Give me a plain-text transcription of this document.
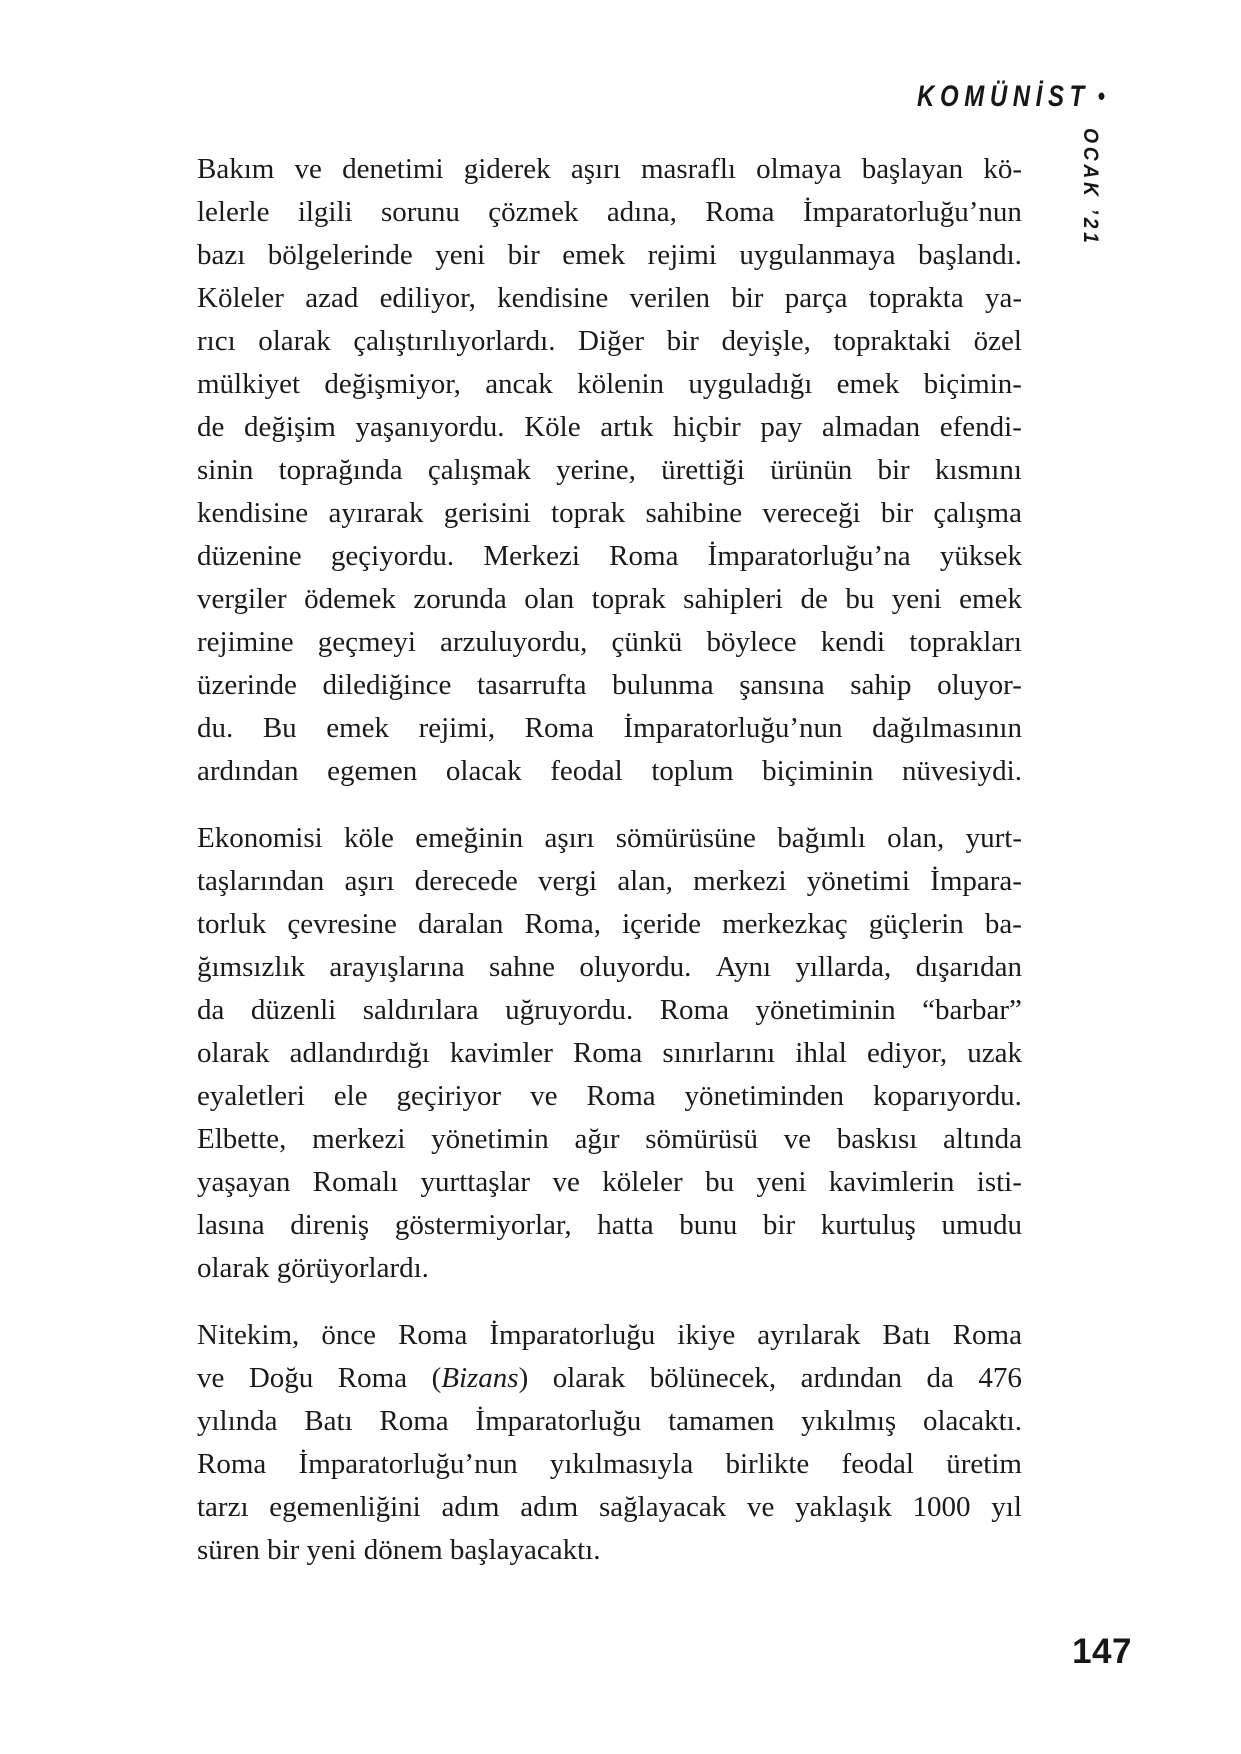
KOMÜNİST •
OCAK ’21
Bakım ve denetimi giderek aşırı masraflı olmaya başlayan kö-
lelerle ilgili sorunu çözmek adına, Roma İmparatorluğu’nun
bazı bölgelerinde yeni bir emek rejimi uygulanmaya başlandı.
Köleler azad ediliyor, kendisine verilen bir parça toprakta ya-
rıcı olarak çalıştırılıyorlardı. Diğer bir deyişle, topraktaki özel
mülkiyet değişmiyor, ancak kölenin uyguladığı emek biçimin-
de değişim yaşanıyordu. Köle artık hiçbir pay almadan efendi-
sinin toprağında çalışmak yerine, ürettiği ürünün bir kısmını
kendisine ayırarak gerisini toprak sahibine vereceği bir çalışma
düzenine geçiyordu. Merkezi Roma İmparatorluğu’na yüksek
vergiler ödemek zorunda olan toprak sahipleri de bu yeni emek
rejimine geçmeyi arzuluyordu, çünkü böylece kendi toprakları
üzerinde dilediğince tasarrufta bulunma şansına sahip oluyor-
du. Bu emek rejimi, Roma İmparatorluğu’nun dağılmasının
ardından egemen olacak feodal toplum biçiminin nüvesiydi.
Ekonomisi köle emeğinin aşırı sömürüsüne bağımlı olan, yurt-
taşlarından aşırı derecede vergi alan, merkezi yönetimi İmpara-
torluk çevresine daralan Roma, içeride merkezkaç güçlerin ba-
ğımsızlık arayışlarına sahne oluyordu. Aynı yıllarda, dışarıdan
da düzenli saldırılara uğruyordu. Roma yönetiminin “barbar”
olarak adlandırdığı kavimler Roma sınırlarını ihlal ediyor, uzak
eyaletleri ele geçiriyor ve Roma yönetiminden koparıyordu.
Elbette, merkezi yönetimin ağır sömürüsü ve baskısı altında
yaşayan Romalı yurttaşlar ve köleler bu yeni kavimlerin isti-
lasına direniş göstermiyorlar, hatta bunu bir kurtuluş umudu
olarak görüyorlardı.
Nitekim, önce Roma İmparatorluğu ikiye ayrılarak Batı Roma
ve Doğu Roma (Bizans) olarak bölünecek, ardından da 476
yılında Batı Roma İmparatorluğu tamamen yıkılmış olacaktı.
Roma İmparatorluğu’nun yıkılmasıyla birlikte feodal üretim
tarzı egemenliğini adım adım sağlayacak ve yaklaşık 1000 yıl
süren bir yeni dönem başlayacaktı.
147
